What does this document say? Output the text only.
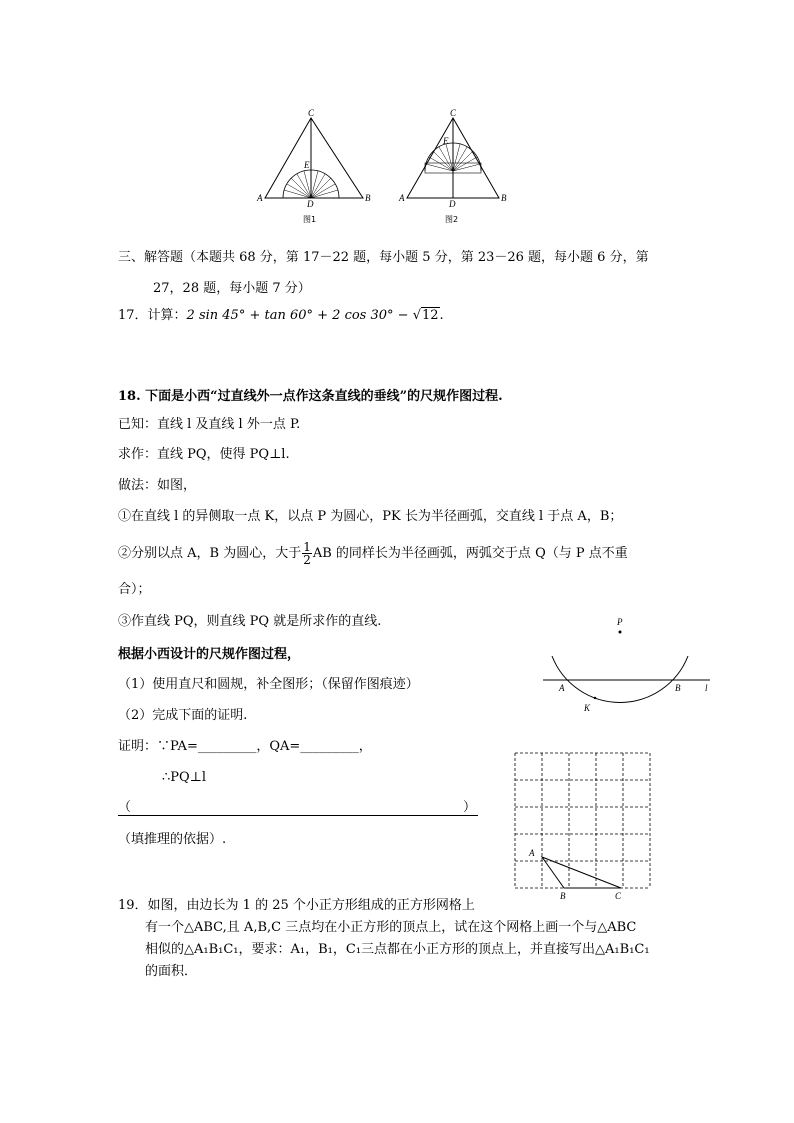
C
E
D
A	B
图1
C
E
D
A	B
图2
三、解答题（本题共 68 分，第 17－22 题，每小题 5 分，第 23－26 题，每小题 6 分，第
27，28 题，每小题 7 分）
17．计算：2 sin 45° + tan 60° + 2 cos 30° − √12.
18. 下面是小西“过直线外一点作这条直线的垂线”的尺规作图过程.
已知：直线 l 及直线 l 外一点 P.
求作：直线 PQ，使得 PQ⊥l.
做法：如图，
①在直线 l 的异侧取一点 K，以点 P 为圆心，PK 长为半径画弧，交直线 l 于点 A，B；
②分别以点 A，B 为圆心，大于 $\frac{1}{2}$ AB 的同样长为半径画弧，两弧交于点 Q（与 P 点不重
合）；
③作直线 PQ，则直线 PQ 就是所求作的直线.
根据小西设计的尺规作图过程，
（1）使用直尺和圆规，补全图形；（保留作图痕迹）
（2）完成下面的证明.
证明：∵PA=_________，QA=_________，
∴PQ⊥l
（	）
（填推理的依据）.
P
A	B	l
K
A
B	C
19．如图，由边长为 1 的 25 个小正方形组成的正方形网格上
有一个△ABC,且 A,B,C 三点均在小正方形的顶点上，试在这个网格上画一个与△ABC
相似的△A₁B₁C₁，要求：A₁，B₁，C₁三点都在小正方形的顶点上，并直接写出△A₁B₁C₁
的面积．
